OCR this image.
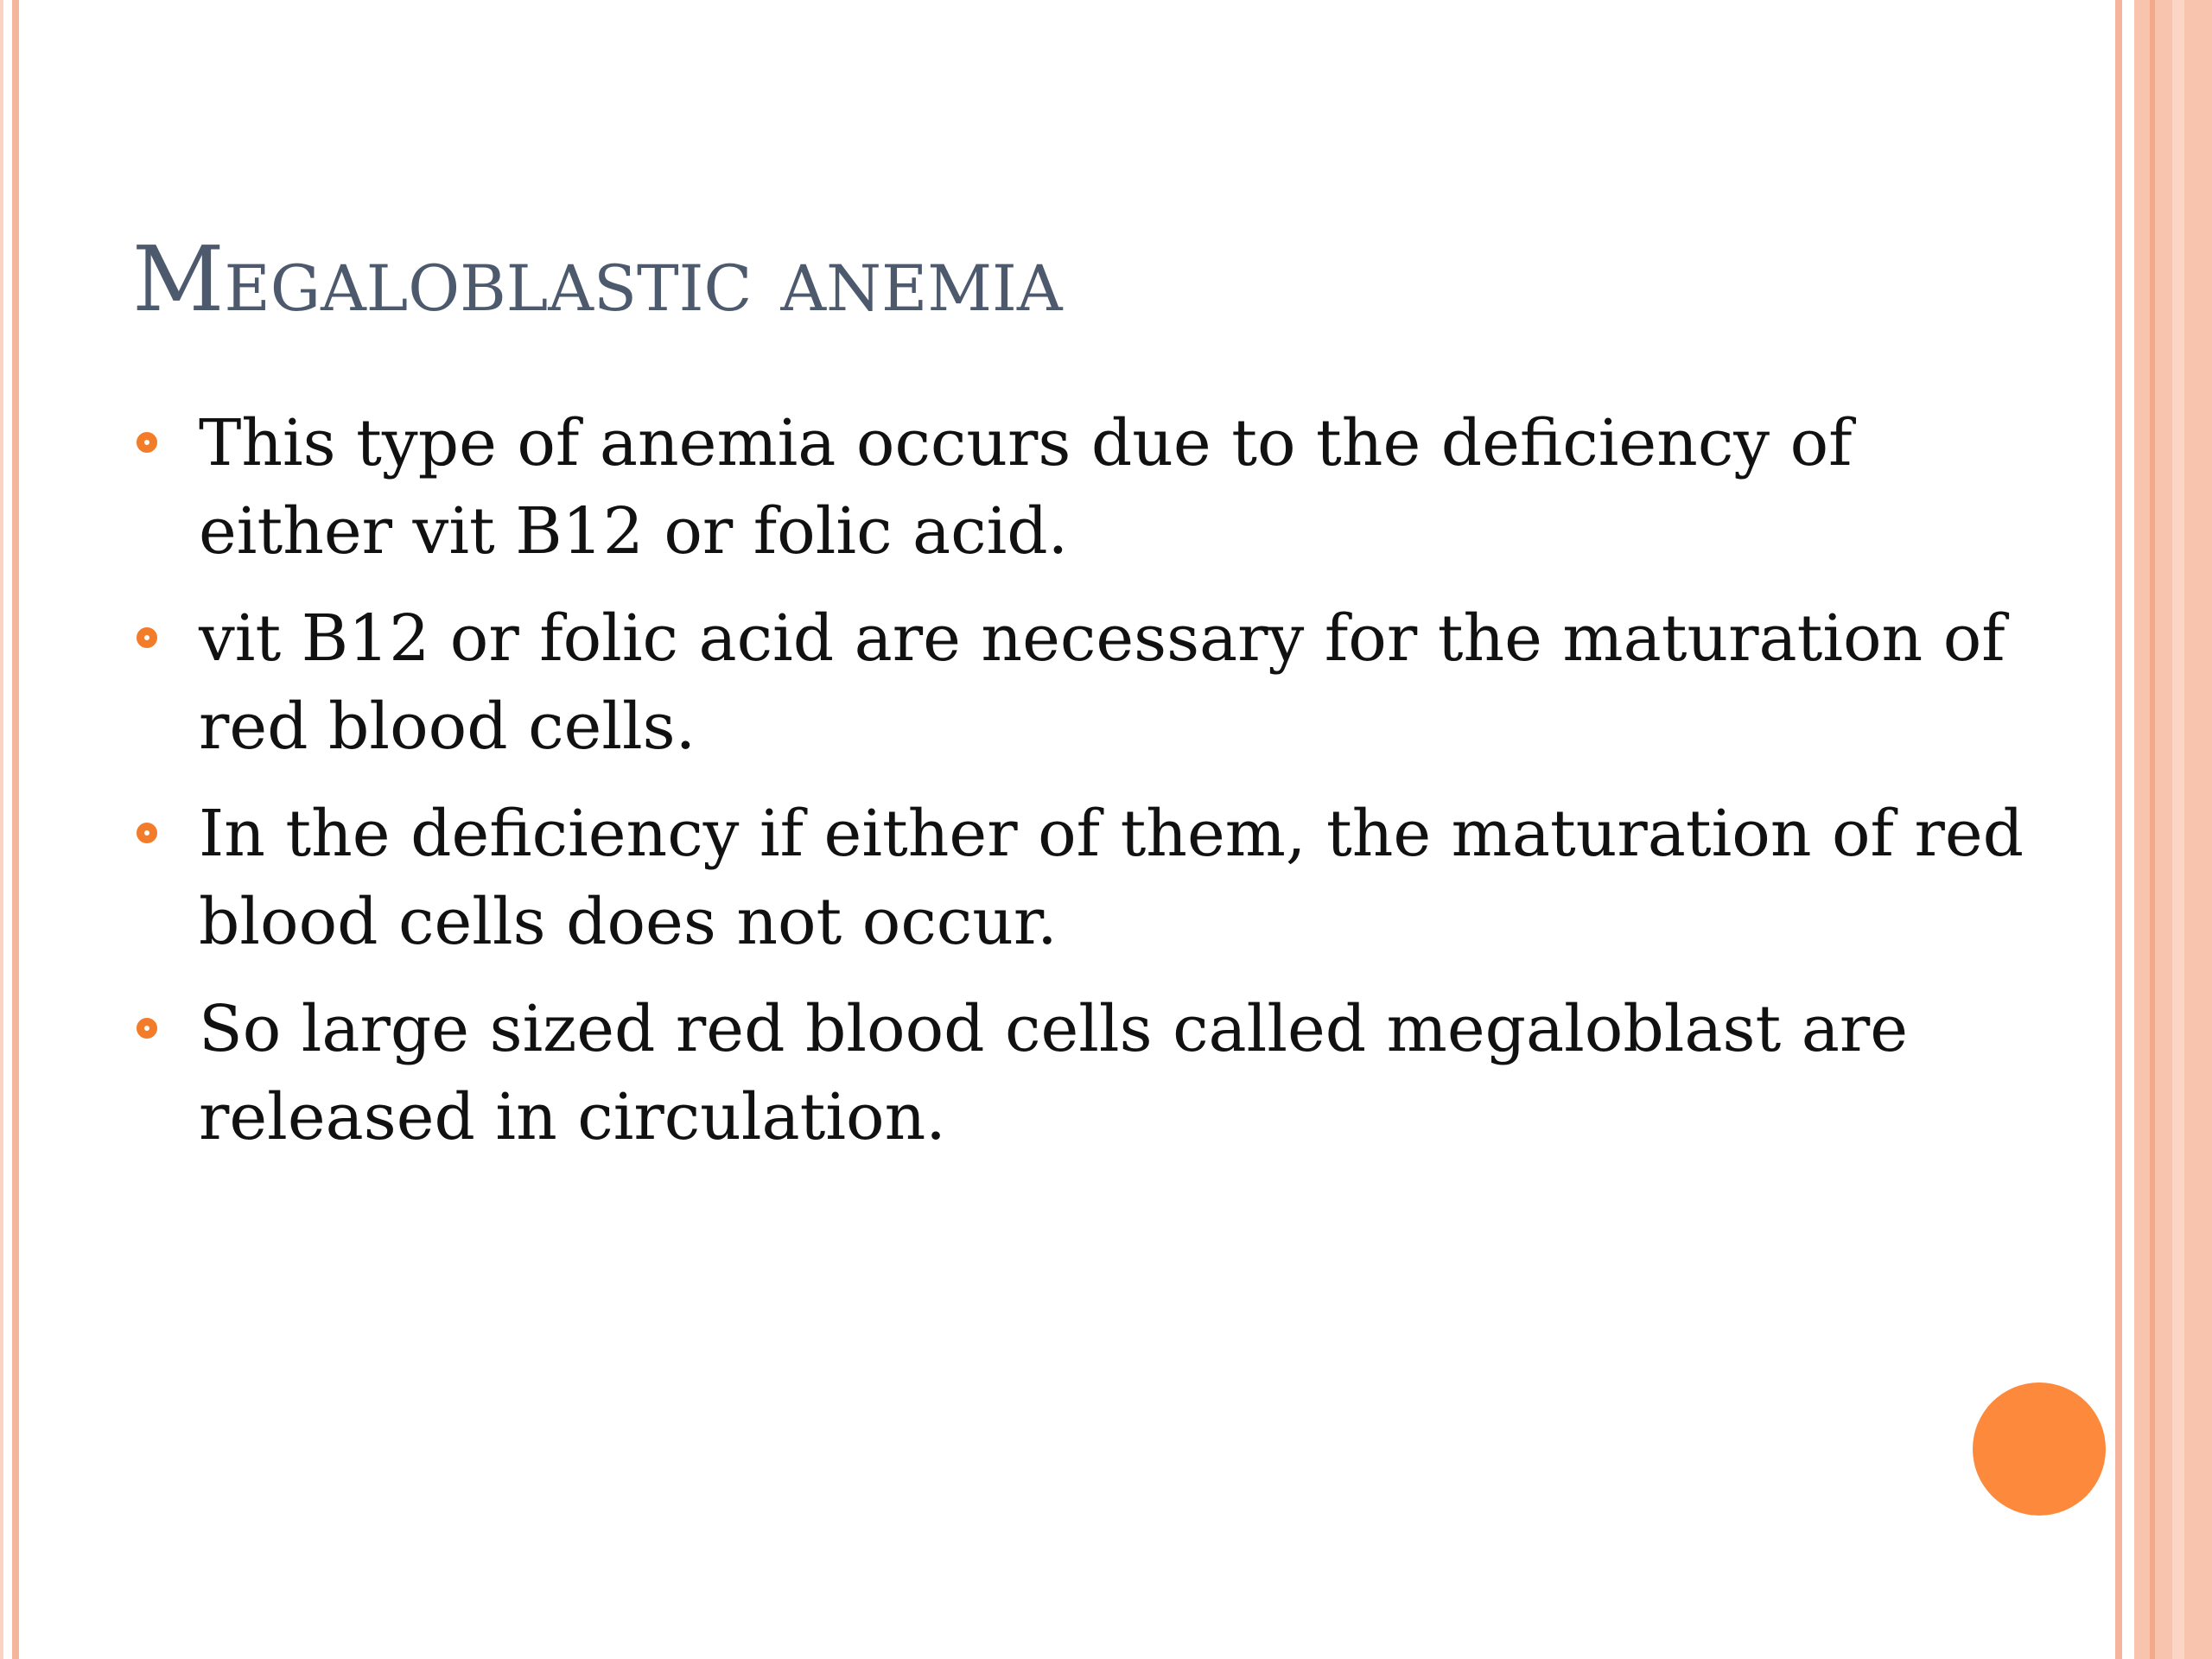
Megaloblastic anemia
This type of anemia occurs due to the deficiency of either vit B12 or folic acid.
vit B12 or folic acid are necessary for the maturation of red blood cells.
In the deficiency if either of them, the maturation of red blood cells does not occur.
So large sized red blood cells called megaloblast are released in circulation.
